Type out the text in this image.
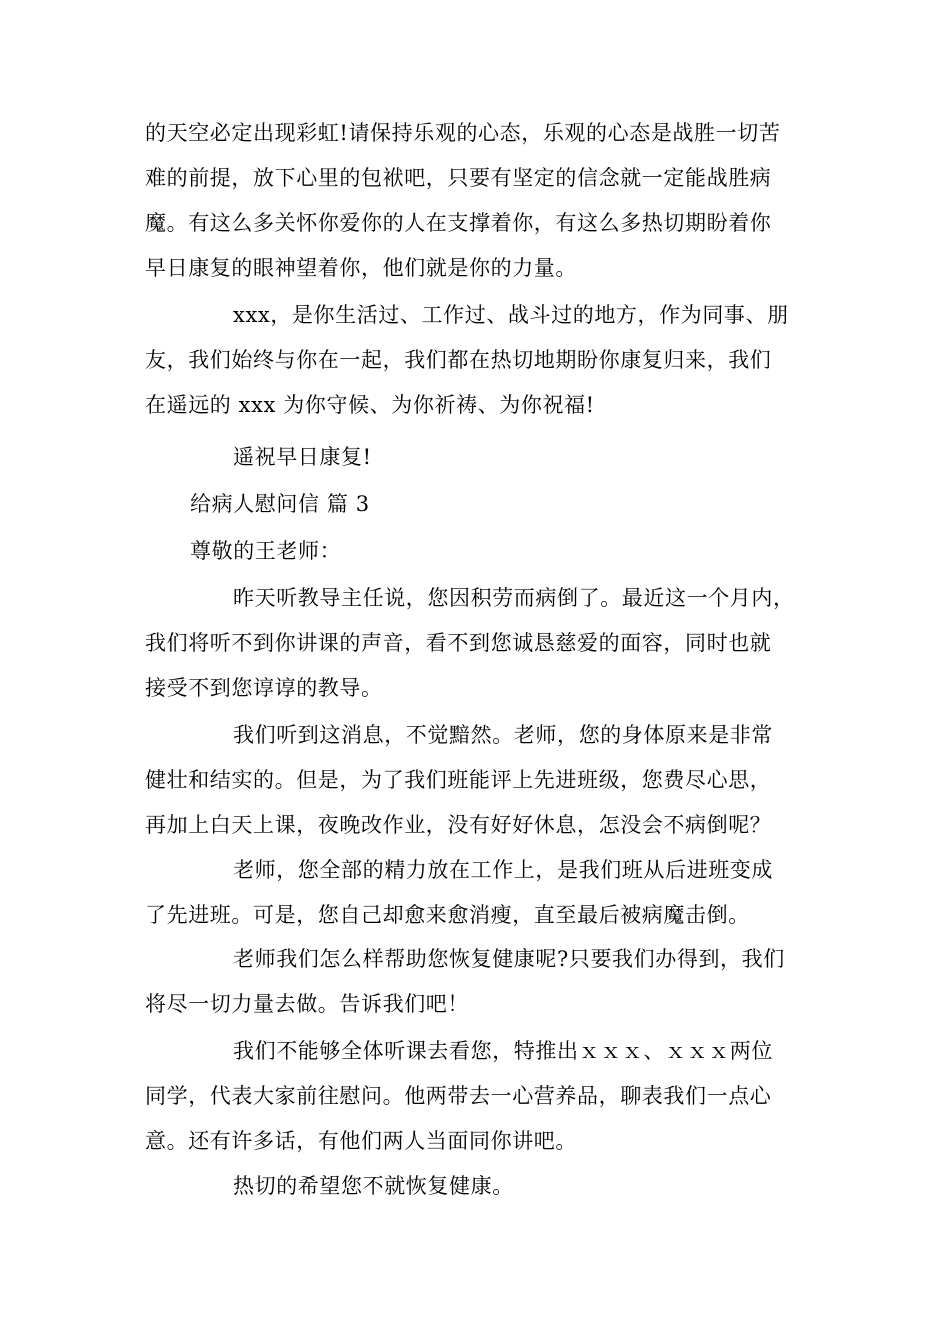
的天空必定出现彩虹!请保持乐观的心态，乐观的心态是战胜一切苦
难的前提，放下心里的包袱吧，只要有坚定的信念就一定能战胜病
魔。有这么多关怀你爱你的人在支撑着你，有这么多热切期盼着你
早日康复的眼神望着你，他们就是你的力量。
xxx，是你生活过、工作过、战斗过的地方，作为同事、朋
友，我们始终与你在一起，我们都在热切地期盼你康复归来，我们
在遥远的 xxx 为你守候、为你祈祷、为你祝福!
遥祝早日康复!
给病人慰问信 篇 3
尊敬的王老师：
昨天听教导主任说，您因积劳而病倒了。最近这一个月内，
我们将听不到你讲课的声音，看不到您诚恳慈爱的面容，同时也就
接受不到您谆谆的教导。
我们听到这消息，不觉黯然。老师，您的身体原来是非常
健壮和结实的。但是，为了我们班能评上先进班级，您费尽心思，
再加上白天上课，夜晚改作业，没有好好休息，怎没会不病倒呢？
老师，您全部的精力放在工作上，是我们班从后进班变成
了先进班。可是，您自己却愈来愈消瘦，直至最后被病魔击倒。
老师我们怎么样帮助您恢复健康呢?只要我们办得到，我们
将尽一切力量去做。告诉我们吧！
我们不能够全体听课去看您，特推出ｘｘｘ、ｘｘｘ两位
同学，代表大家前往慰问。他两带去一心营养品，聊表我们一点心
意。还有许多话，有他们两人当面同你讲吧。
热切的希望您不就恢复健康。
